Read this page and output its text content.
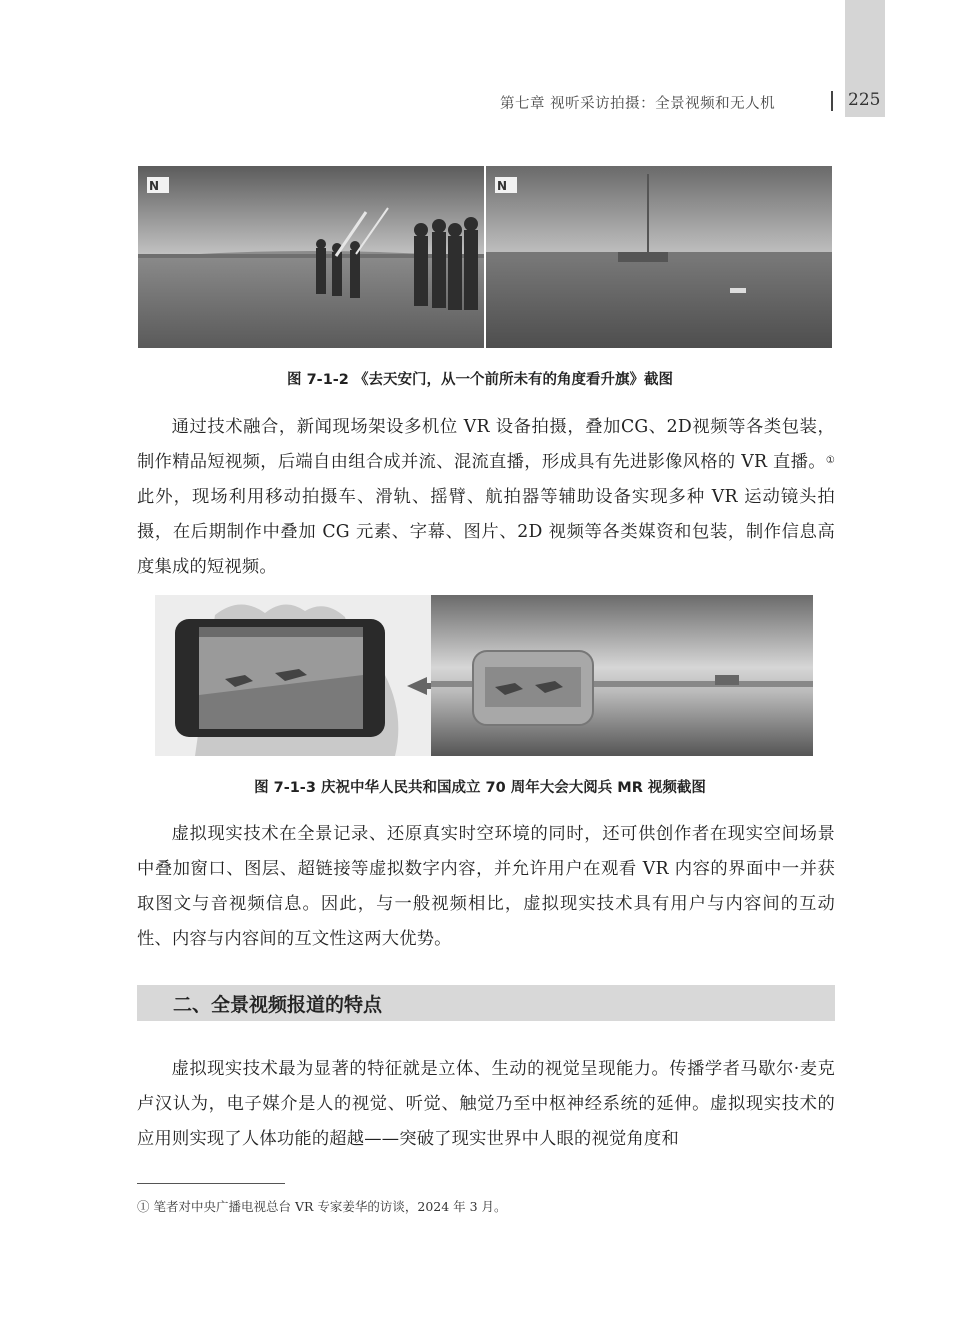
第七章 视听采访拍摄：全景视频和无人机	225
N	N
图 7-1-2 《去天安门，从一个前所未有的角度看升旗》截图

通过技术融合，新闻现场架设多机位 VR 设备拍摄，叠加CG、2D视频等各类包装，制作精品短视频，后端自由组合成并流、混流直播，形成具有先进影像风格的 VR 直播。①此外，现场利用移动拍摄车、滑轨、摇臂、航拍器等辅助设备实现多种 VR 运动镜头拍摄，在后期制作中叠加 CG 元素、字幕、图片、2D 视频等各类媒资和包装，制作信息高度集成的短视频。

图 7-1-3 庆祝中华人民共和国成立 70 周年大会大阅兵 MR 视频截图

虚拟现实技术在全景记录、还原真实时空环境的同时，还可供创作者在现实空间场景中叠加窗口、图层、超链接等虚拟数字内容，并允许用户在观看 VR 内容的界面中一并获取图文与音视频信息。因此，与一般视频相比，虚拟现实技术具有用户与内容间的互动性、内容与内容间的互文性这两大优势。

二、全景视频报道的特点

虚拟现实技术最为显著的特征就是立体、生动的视觉呈现能力。传播学者马歇尔·麦克卢汉认为，电子媒介是人的视觉、听觉、触觉乃至中枢神经系统的延伸。虚拟现实技术的应用则实现了人体功能的超越——突破了现实世界中人眼的视觉角度和

① 笔者对中央广播电视总台 VR 专家姜华的访谈，2024 年 3 月。
